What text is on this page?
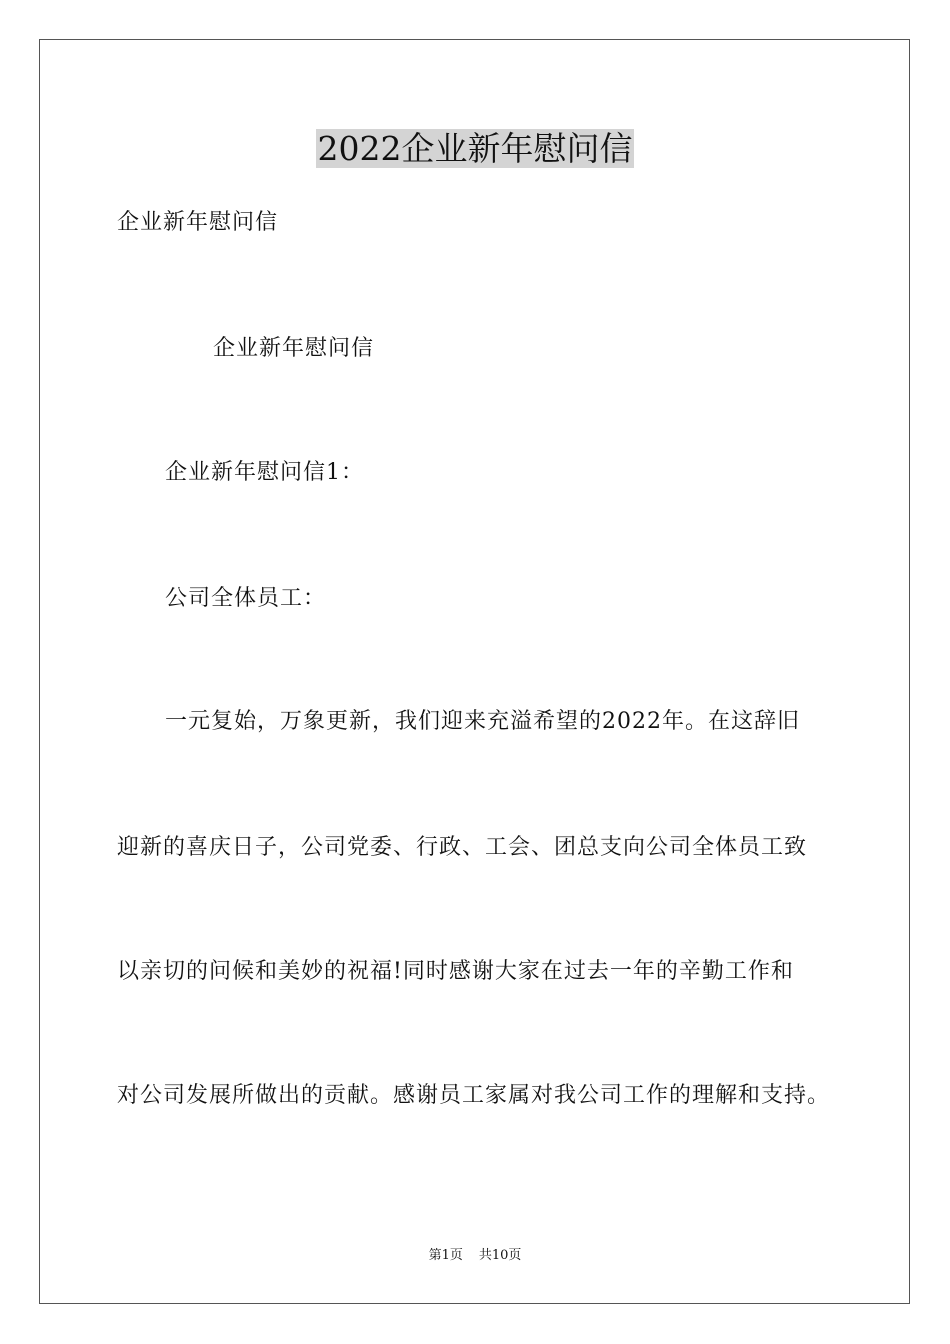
2022企业新年慰问信
企业新年慰问信
企业新年慰问信
企业新年慰问信1：
公司全体员工：
一元复始，万象更新，我们迎来充溢希望的2022年。在这辞旧
迎新的喜庆日子，公司党委、行政、工会、团总支向公司全体员工致
以亲切的问候和美妙的祝福!同时感谢大家在过去一年的辛勤工作和
对公司发展所做出的贡献。感谢员工家属对我公司工作的理解和支持。
第1页 共10页
